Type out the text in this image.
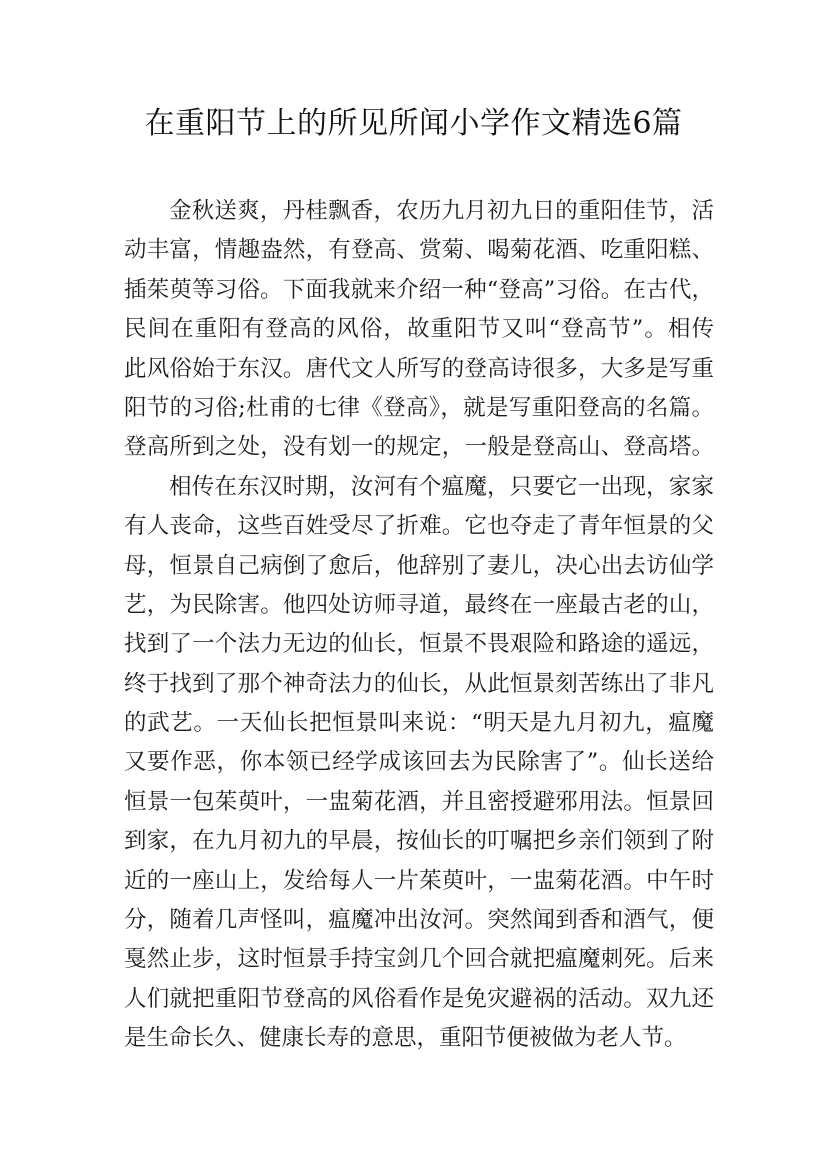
在重阳节上的所见所闻小学作文精选6篇
金秋送爽，丹桂飘香，农历九月初九日的重阳佳节，活
动丰富，情趣盎然，有登高、赏菊、喝菊花酒、吃重阳糕、
插茱萸等习俗。下面我就来介绍一种“登高”习俗。在古代，
民间在重阳有登高的风俗，故重阳节又叫“登高节”。相传
此风俗始于东汉。唐代文人所写的登高诗很多，大多是写重
阳节的习俗;杜甫的七律《登高》，就是写重阳登高的名篇。
登高所到之处，没有划一的规定，一般是登高山、登高塔。
相传在东汉时期，汝河有个瘟魔，只要它一出现，家家
有人丧命，这些百姓受尽了折难。它也夺走了青年恒景的父
母，恒景自己病倒了愈后，他辞别了妻儿，决心出去访仙学
艺，为民除害。他四处访师寻道，最终在一座最古老的山，
找到了一个法力无边的仙长，恒景不畏艰险和路途的遥远，
终于找到了那个神奇法力的仙长，从此恒景刻苦练出了非凡
的武艺。一天仙长把恒景叫来说：“明天是九月初九，瘟魔
又要作恶，你本领已经学成该回去为民除害了”。仙长送给
恒景一包茱萸叶，一盅菊花酒，并且密授避邪用法。恒景回
到家，在九月初九的早晨，按仙长的叮嘱把乡亲们领到了附
近的一座山上，发给每人一片茱萸叶，一盅菊花酒。中午时
分，随着几声怪叫，瘟魔冲出汝河。突然闻到香和酒气，便
戛然止步，这时恒景手持宝剑几个回合就把瘟魔刺死。后来
人们就把重阳节登高的风俗看作是免灾避祸的活动。双九还
是生命长久、健康长寿的意思，重阳节便被做为老人节。
